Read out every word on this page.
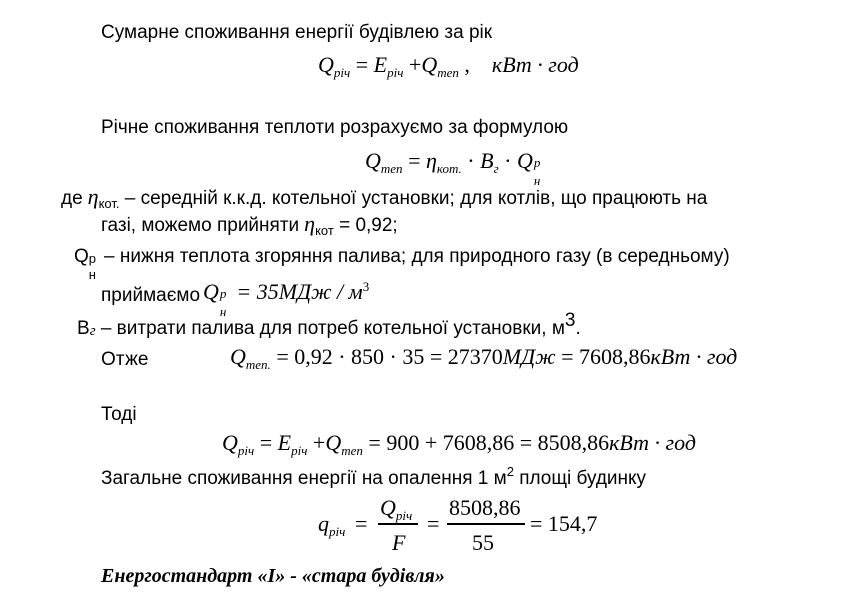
Сумарне споживання енергії будівлею за рік
$Q_{річ} = E_{річ} +Q_{теп}$ , кВт · год
Річне споживання теплоти розрахуємо за формулою
$Q_{теп} = \eta_{кот.} \cdot B_г \cdot Q$ р
н
де $\eta_{кот.}$ – середній к.к.д. котельної установки; для котлів, що працюють на
газі, можемо прийняти $\eta_{кот} = 0,92$;
Q р
н
– нижня теплота згоряння палива; для природного газу (в середньому)
приймаємо Q р
н
= $35МДж / м^3$
Вг – витрати палива для потреб котельної установки, $м^3$.
Отже	$Q_{теп.} = 0,92 \cdot 850 \cdot 35 = 27370МДж = 7608,86кВт$ · год
Тоді
$Q_{річ} = E_{річ} +Q_{теп} = 900 + 7608,86 = 8508,86кВт$ · год
Загальне споживання енергії на опалення 1 $м^2$ площі будинку
$q_{річ}$ =
$Q_{річ}$
F
=
8508,86
55
= 154,7
Енергостандарт «І» - «стара будівля»
